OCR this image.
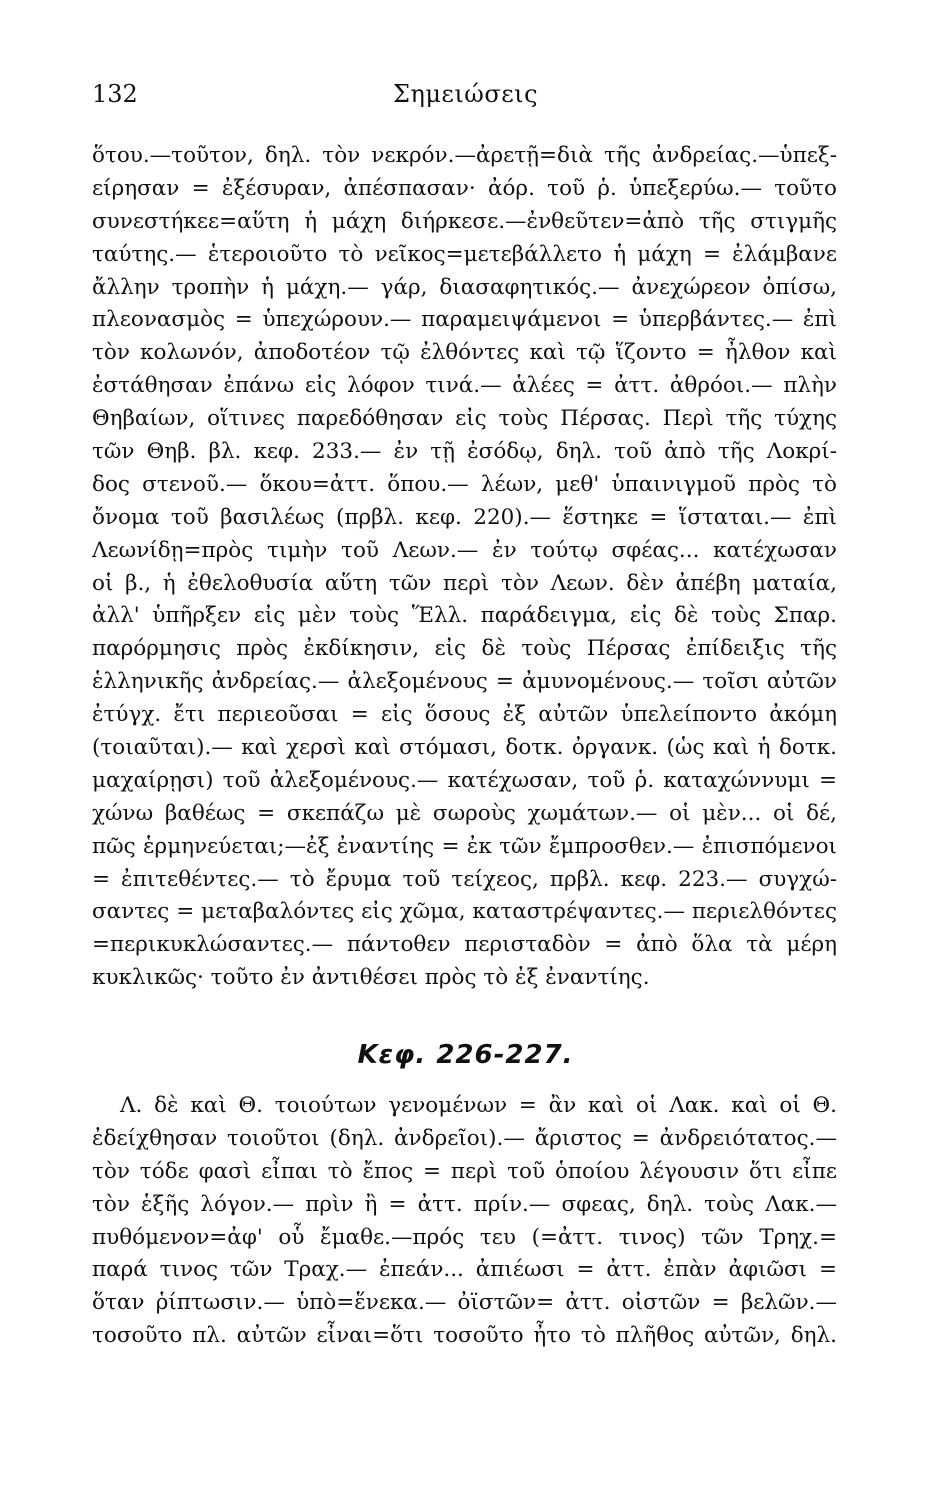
132	Σημειώσεις
ὅτου.—τοῦτον, δηλ. τὸν νεκρόν.—ἀρετῇ=διὰ τῆς ἀνδρείας.—ὑπεξ-
είρησαν = ἐξέσυραν, ἀπέσπασαν· ἀόρ. τοῦ ῥ. ὑπεξερύω.— τοῦτο
συνεστήκεε=αὕτη ἡ μάχη διήρκεσε.—ἐνθεῦτεν=ἀπὸ τῆς στιγμῆς
ταύτης.— ἑτεροιοῦτο τὸ νεῖκος=μετεβάλλετο ἡ μάχη = ἐλάμβανε
ἄλλην τροπὴν ἡ μάχη.— γάρ, διασαφητικός.— ἀνεχώρεον ὀπίσω,
πλεονασμὸς = ὑπεχώρουν.— παραμειψάμενοι = ὑπερβάντες.— ἐπὶ
τὸν κολωνόν, ἀποδοτέον τῷ ἐλθόντες καὶ τῷ ἵζοντο = ἦλθον καὶ
ἐστάθησαν ἐπάνω εἰς λόφον τινά.— ἁλέες = ἀττ. ἀθρόοι.— πλὴν
Θηβαίων, οἵτινες παρεδόθησαν εἰς τοὺς Πέρσας. Περὶ τῆς τύχης
τῶν Θηβ. βλ. κεφ. 233.— ἐν τῇ ἐσόδῳ, δηλ. τοῦ ἀπὸ τῆς Λοκρί-
δος στενοῦ.— ὅκου=ἀττ. ὅπου.— λέων, μεθ' ὑπαινιγμοῦ πρὸς τὸ
ὄνομα τοῦ βασιλέως (πρβλ. κεφ. 220).— ἕστηκε = ἵσταται.— ἐπὶ
Λεωνίδῃ=πρὸς τιμὴν τοῦ Λεων.— ἐν τούτῳ σφέας... κατέχωσαν
οἱ β., ἡ ἐθελοθυσία αὕτη τῶν περὶ τὸν Λεων. δὲν ἀπέβη ματαία,
ἀλλ' ὑπῆρξεν εἰς μὲν τοὺς Ἕλλ. παράδειγμα, εἰς δὲ τοὺς Σπαρ.
παρόρμησις πρὸς ἐκδίκησιν, εἰς δὲ τοὺς Πέρσας ἐπίδειξις τῆς
ἑλληνικῆς ἀνδρείας.— ἀλεξομένους = ἀμυνομένους.— τοῖσι αὐτῶν
ἐτύγχ. ἔτι περιεοῦσαι = εἰς ὅσους ἐξ αὐτῶν ὑπελείποντο ἀκόμη
(τοιαῦται).— καὶ χερσὶ καὶ στόμασι, δοτκ. ὀργανκ. (ὡς καὶ ἡ δοτκ.
μαχαίρῃσι) τοῦ ἀλεξομένους.— κατέχωσαν, τοῦ ῥ. καταχώννυμι =
χώνω βαθέως = σκεπάζω μὲ σωροὺς χωμάτων.— οἱ μὲν... οἱ δέ,
πῶς ἑρμηνεύεται;—ἐξ ἐναντίης = ἐκ τῶν ἔμπροσθεν.— ἐπισπόμενοι
= ἐπιτεθέντες.— τὸ ἔρυμα τοῦ τείχεος, πρβλ. κεφ. 223.— συγχώ-
σαντες = μεταβαλόντες εἰς χῶμα, καταστρέψαντες.— περιελθόντες
=περικυκλώσαντες.— πάντοθεν περισταδὸν = ἀπὸ ὅλα τὰ μέρη
κυκλικῶς· τοῦτο ἐν ἀντιθέσει πρὸς τὸ ἐξ ἐναντίης.
Κεφ. 226-227.
Λ. δὲ καὶ Θ. τοιούτων γενομένων = ἂν καὶ οἱ Λακ. καὶ οἱ Θ.
ἐδείχθησαν τοιοῦτοι (δηλ. ἀνδρεῖοι).— ἄριστος = ἀνδρειότατος.—
τὸν τόδε φασὶ εἶπαι τὸ ἔπος = περὶ τοῦ ὁποίου λέγουσιν ὅτι εἶπε
τὸν ἑξῆς λόγον.— πρὶν ἢ = ἀττ. πρίν.— σφεας, δηλ. τοὺς Λακ.—
πυθόμενον=ἀφ' οὗ ἔμαθε.—πρός τευ (=ἀττ. τινος) τῶν Τρηχ.=
παρά τινος τῶν Τραχ.— ἐπεάν... ἀπιέωσι = ἀττ. ἐπὰν ἀφιῶσι =
ὅταν ῥίπτωσιν.— ὑπὸ=ἕνεκα.— ὀϊστῶν= ἀττ. οἰστῶν = βελῶν.—
τοσοῦτο πλ. αὐτῶν εἶναι=ὅτι τοσοῦτο ἦτο τὸ πλῆθος αὐτῶν, δηλ.
